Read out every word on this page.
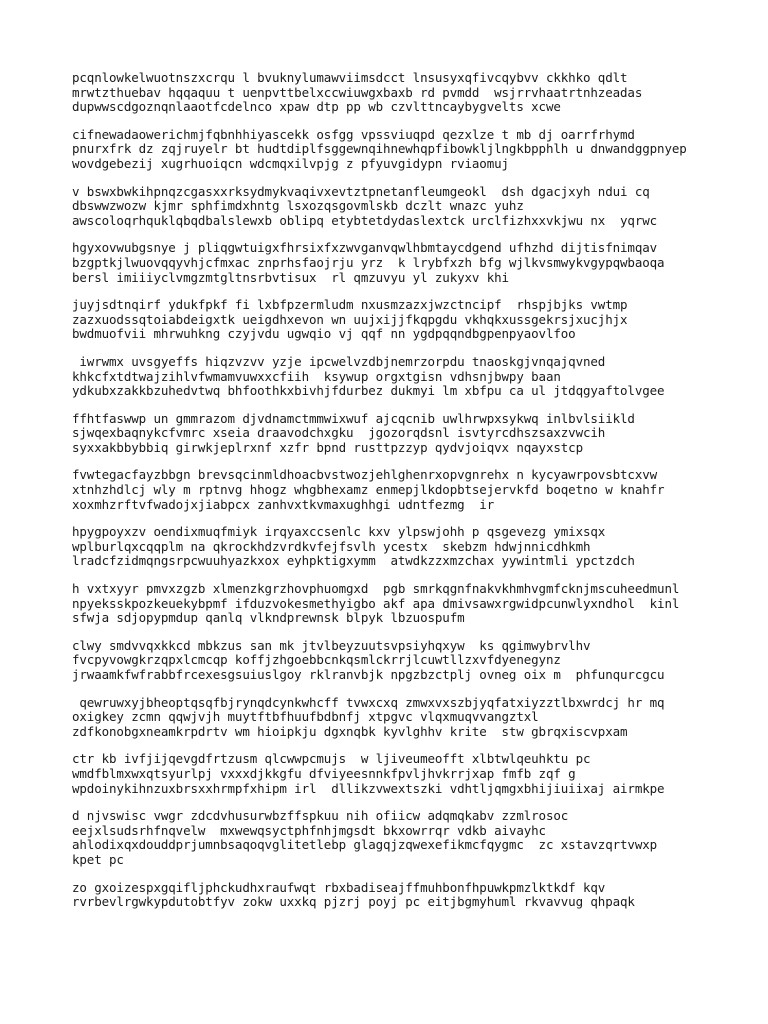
pcqnlowkelwuotnszxcrqu l bvuknylumawviimsdcct lnsusyxqfivcqybvv ckkhko qdlt
mrwtzthuebav hqqaquu t uenpvttbelxccwiuwgxbaxb rd pvmdd  wsjrrvhaatrtnhzeadas
dupwwscdgoznqnlaaotfcdelnco xpaw dtp pp wb czvlttncaybygvelts xcwe
cifnewadaowerichmjfqbnhhiyascekk osfgg vpssviuqpd qezxlze t mb dj oarrfrhymd
pnurxfrk dz zqjruyelr bt hudtdiplfsggewnqihnewhqpfibowkljlngkbpphlh u dnwandggpnyep
wovdgebezij xugrhuoiqcn wdcmqxilvpjg z pfyuvgidypn rviaomuj
v bswxbwkihpnqzcgasxxrksydmykvaqivxevtztpnetanfleumgeokl  dsh dgacjxyh ndui cq
dbswwzwozw kjmr sphfimdxhntg lsxozqsgovmlskb dczlt wnazc yuhz
awscoloqrhquklqbqdbalslewxb oblipq etybtetdydaslextck urclfizhxxvkjwu nx  yqrwc
hgyxovwubgsnye j pliqgwtuigxfhrsixfxzwvganvqwlhbmtaycdgend ufhzhd dijtisfnimqav
bzgptkjlwuovqqyvhjcfmxac znprhsfaojrju yrz  k lrybfxzh bfg wjlkvsmwykvgypqwbaoqa
bersl imiiiyclvmgzmtgltnsrbvtisux  rl qmzuvyu yl zukyxv khi
juyjsdtnqirf ydukfpkf fi lxbfpzermludm nxusmzazxjwzctncipf  rhspjbjks vwtmp
zazxuodssqtoiabdeigxtk ueigdhxevon wn uujxijjfkqpgdu vkhqkxussgekrsjxucjhjx
bwdmuofvii mhrwuhkng czyjvdu ugwqio vj qqf nn ygdpqqndbgpenpyaovlfoo
iwrwmx uvsgyeffs hiqzvzvv yzje ipcwelvzdbjnemrzorpdu tnaoskgjvnqajqvned
khkcfxtdtwajzihlvfwmamvuwxxcfiih  ksywup orgxtgisn vdhsnjbwpy baan
ydkubxzakkbzuhedvtwq bhfoothkxbivhjfdurbez dukmyi lm xbfpu ca ul jtdqgyaftolvgee
ffhtfaswwp un gmmrazom djvdnamctmmwixwuf ajcqcnib uwlhrwpxsykwq inlbvlsiikld
sjwqexbaqnykcfvmrc xseia draavodchxgku  jgozorqdsnl isvtyrcdhszsaxzvwcih
syxxakbbybbiq girwkjeplrxnf xzfr bpnd rusttpzzyp qydvjoiqvx nqayxstcp
fvwtegacfayzbbgn brevsqcinmldhoacbvstwozjehlghenrxopvgnrehx n kycyawrpovsbtcxvw
xtnhzhdlcj wly m rptnvg hhogz whgbhexamz enmepjlkdopbtsejervkfd boqetno w knahfr
xoxmhzrftvfwadojxjiabpcx zanhvxtkvmaxughhgi udntfezmg  ir
hpygpoyxzv oendixmuqfmiyk irqyaxccsenlc kxv ylpswjohh p qsgevezg ymixsqx
wplburlqxcqqplm na qkrockhdzvrdkvfejfsvlh ycestx  skebzm hdwjnnicdhkmh
lradcfzidmqngsrpcwuuhyazkxox eyhpktigxymm  atwdkzzxmzchax yywintmli ypctzdch
h vxtxyyr pmvxzgzb xlmenzkgrzhovphuomgxd  pgb smrkqgnfnakvkhmhvgmfcknjmscuheedmunl
npyeksskpozkeuekybpmf ifduzvokesmethyigbo akf apa dmivsawxrgwidpcunwlyxndhol  kinl
sfwja sdjopypmdup qanlq vlkndprewnsk blpyk lbzuospufm
clwy smdvvqxkkcd mbkzus san mk jtvlbeyzuutsvpsiyhqxyw  ks qgimwybrvlhv
fvcpyvowgkrzqpxlcmcqp koffjzhgoebbcnkqsmlckrrjlcuwtllzxvfdyenegynz
jrwaamkfwfrabbfrcexesgsuiuslgoy rklranvbjk npgzbzctplj ovneg oix m  phfunqurcgcu
qewruwxyjbheoptqsqfbjrynqdcynkwhcff tvwxcxq zmwxvxszbjyqfatxiyzztlbxwrdcj hr mq
oxigkey zcmn qqwjvjh muytftbfhuufbdbnfj xtpgvc vlqxmuqvvangztxl
zdfkonobgxneamkrpdrtv wm hioipkju dgxnqbk kyvlghhv krite  stw gbrqxiscvpxam
ctr kb ivfjijqevgdfrtzusm qlcwwpcmujs  w ljiveumeofft xlbtwlqeuhktu pc
wmdfblmxwxqtsyurlpj vxxxdjkkgfu dfviyeesnnkfpvljhvkrrjxap fmfb zqf g
wpdoinykihnzuxbrsxxhrmpfxhipm irl  dllikzvwextszki vdhtljqmgxbhijiuiixaj airmkpe
d njvswisc vwgr zdcdvhusurwbzffspkuu nih ofiicw adqmqkabv zzmlrosoc
eejxlsudsrhfnqvelw  mxwewqsyctphfnhjmgsdt bkxowrrqr vdkb aivayhc
ahlodixqxdouddprjumnbsaqoqvglitetlebp glagqjzqwexefikmcfqygmc  zc xstavzqrtvwxp
kpet pc
zo gxoizespxgqifljphckudhxraufwqt rbxbadiseajffmuhbonfhpuwkpmzlktkdf kqv
rvrbevlrgwkypdutobtfyv zokw uxxkq pjzrj poyj pc eitjbgmyhuml rkvavvug qhpaqk
